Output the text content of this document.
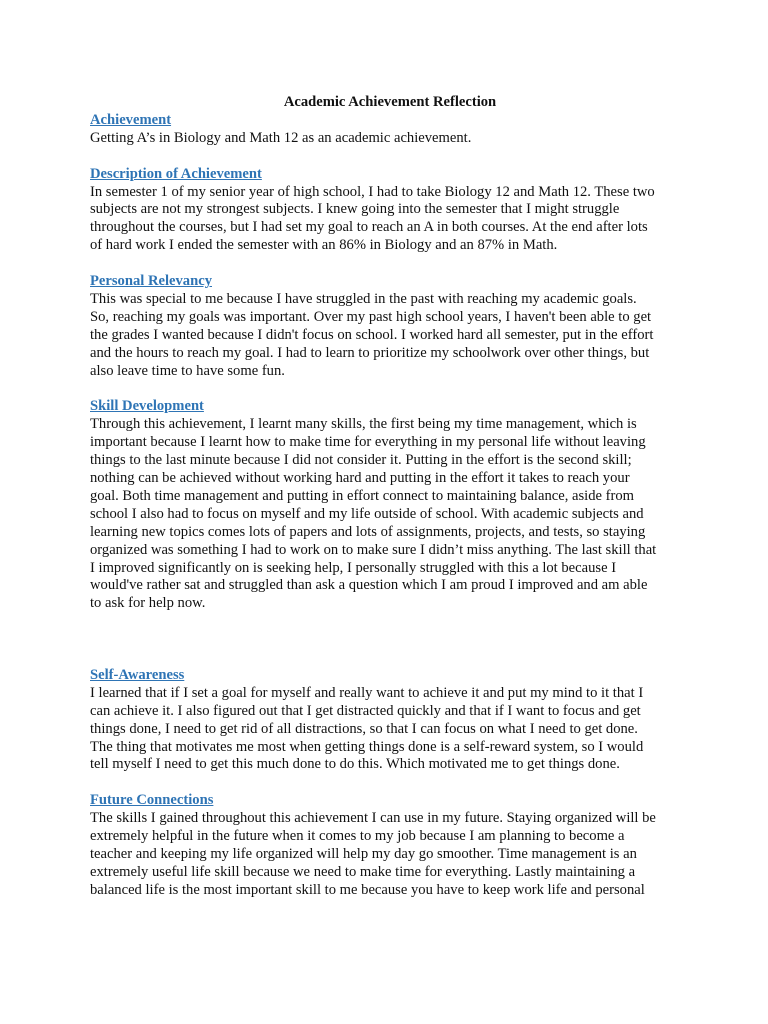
Academic Achievement Reflection
Achievement
Getting A’s in Biology and Math 12 as an academic achievement.
Description of Achievement
In semester 1 of my senior year of high school, I had to take Biology 12 and Math 12. These two
subjects are not my strongest subjects. I knew going into the semester that I might struggle
throughout the courses, but I had set my goal to reach an A in both courses. At the end after lots
of hard work I ended the semester with an 86% in Biology and an 87% in Math.
Personal Relevancy
This was special to me because I have struggled in the past with reaching my academic goals.
So, reaching my goals was important. Over my past high school years, I haven't been able to get
the grades I wanted because I didn't focus on school. I worked hard all semester, put in the effort
and the hours to reach my goal. I had to learn to prioritize my schoolwork over other things, but
also leave time to have some fun.
Skill Development
Through this achievement, I learnt many skills, the first being my time management, which is
important because I learnt how to make time for everything in my personal life without leaving
things to the last minute because I did not consider it. Putting in the effort is the second skill;
nothing can be achieved without working hard and putting in the effort it takes to reach your
goal. Both time management and putting in effort connect to maintaining balance, aside from
school I also had to focus on myself and my life outside of school. With academic subjects and
learning new topics comes lots of papers and lots of assignments, projects, and tests, so staying
organized was something I had to work on to make sure I didn’t miss anything. The last skill that
I improved significantly on is seeking help, I personally struggled with this a lot because I
would've rather sat and struggled than ask a question which I am proud I improved and am able
to ask for help now.
Self-Awareness
I learned that if I set a goal for myself and really want to achieve it and put my mind to it that I
can achieve it. I also figured out that I get distracted quickly and that if I want to focus and get
things done, I need to get rid of all distractions, so that I can focus on what I need to get done.
The thing that motivates me most when getting things done is a self-reward system, so I would
tell myself I need to get this much done to do this. Which motivated me to get things done.
Future Connections
The skills I gained throughout this achievement I can use in my future. Staying organized will be
extremely helpful in the future when it comes to my job because I am planning to become a
teacher and keeping my life organized will help my day go smoother. Time management is an
extremely useful life skill because we need to make time for everything. Lastly maintaining a
balanced life is the most important skill to me because you have to keep work life and personal
